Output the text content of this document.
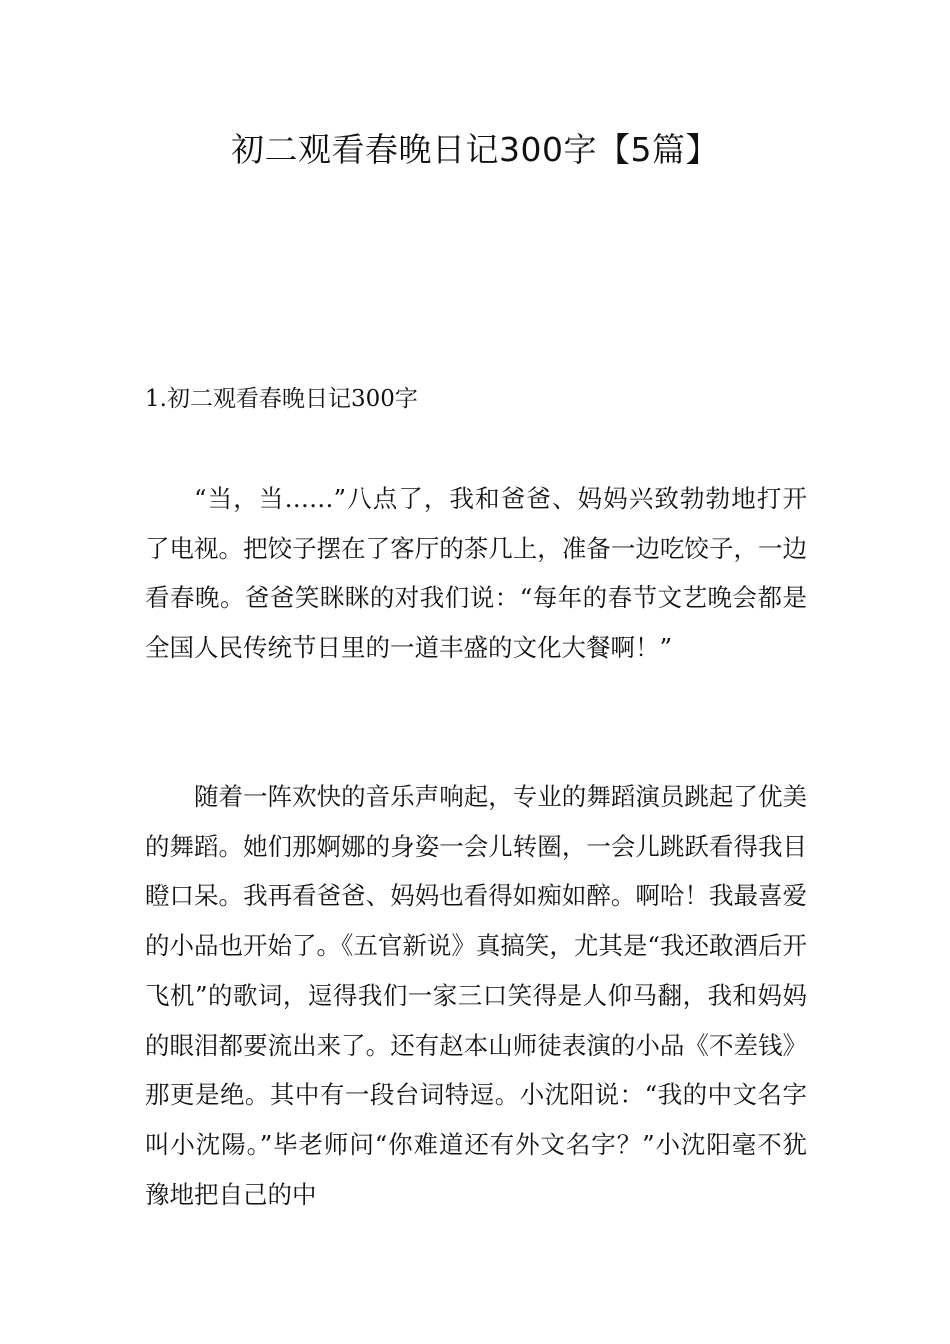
初二观看春晚日记300字【5篇】
1.初二观看春晚日记300字

“当，当……”八点了，我和爸爸、妈妈兴致勃勃地打开了电视。把饺子摆在了客厅的茶几上，准备一边吃饺子，一边看春晚。爸爸笑眯眯的对我们说：“每年的春节文艺晚会都是全国人民传统节日里的一道丰盛的文化大餐啊！”

随着一阵欢快的音乐声响起，专业的舞蹈演员跳起了优美的舞蹈。她们那婀娜的身姿一会儿转圈，一会儿跳跃看得我目瞪口呆。我再看爸爸、妈妈也看得如痴如醉。啊哈！我最喜爱的小品也开始了。《五官新说》真搞笑，尤其是“我还敢酒后开飞机”的歌词，逗得我们一家三口笑得是人仰马翻，我和妈妈的眼泪都要流出来了。还有赵本山师徒表演的小品《不差钱》那更是绝。其中有一段台词特逗。小沈阳说：“我的中文名字叫小沈陽。”毕老师问“你难道还有外文名字？”小沈阳毫不犹豫地把自己的中
